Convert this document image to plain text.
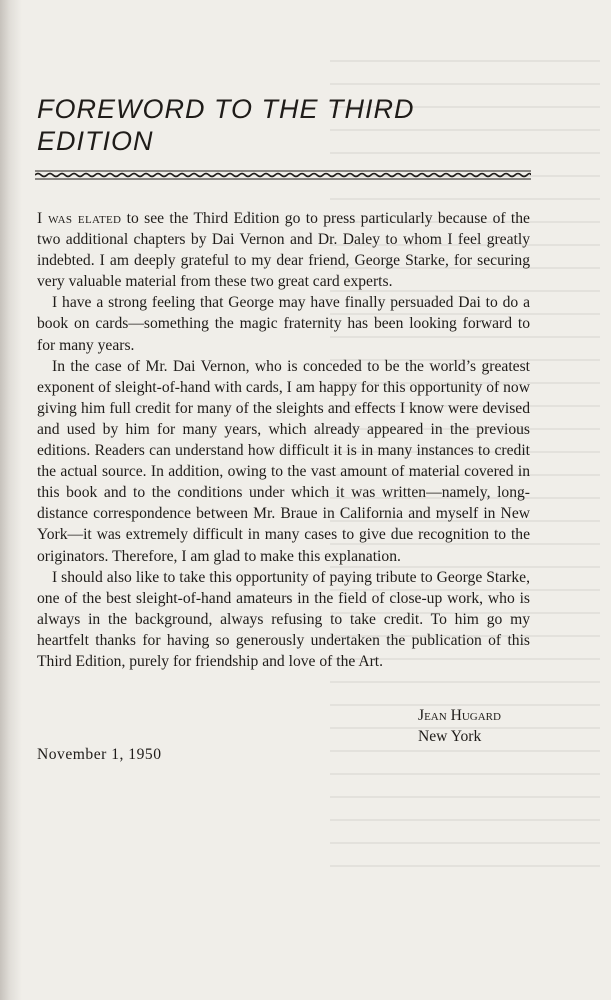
FOREWORD TO THE THIRD EDITION

I was elated to see the Third Edition go to press particularly because of the two additional chapters by Dai Vernon and Dr. Daley to whom I feel greatly indebted. I am deeply grateful to my dear friend, George Starke, for securing very valuable material from these two great card experts.

I have a strong feeling that George may have finally persuaded Dai to do a book on cards—something the magic fraternity has been looking forward to for many years.

In the case of Mr. Dai Vernon, who is conceded to be the world’s greatest exponent of sleight-of-hand with cards, I am happy for this opportunity of now giving him full credit for many of the sleights and effects I know were devised and used by him for many years, which already appeared in the previous editions. Readers can understand how difficult it is in many instances to credit the actual source. In addition, owing to the vast amount of material covered in this book and to the conditions under which it was written—namely, long-distance correspondence between Mr. Braue in California and myself in New York—it was extremely difficult in many cases to give due recognition to the originators. Therefore, I am glad to make this explanation.

I should also like to take this opportunity of paying tribute to George Starke, one of the best sleight-of-hand amateurs in the field of close-up work, who is always in the background, always refusing to take credit. To him go my heartfelt thanks for having so generously undertaken the publication of this Third Edition, purely for friendship and love of the Art.

Jean Hugard
New York
November 1, 1950
